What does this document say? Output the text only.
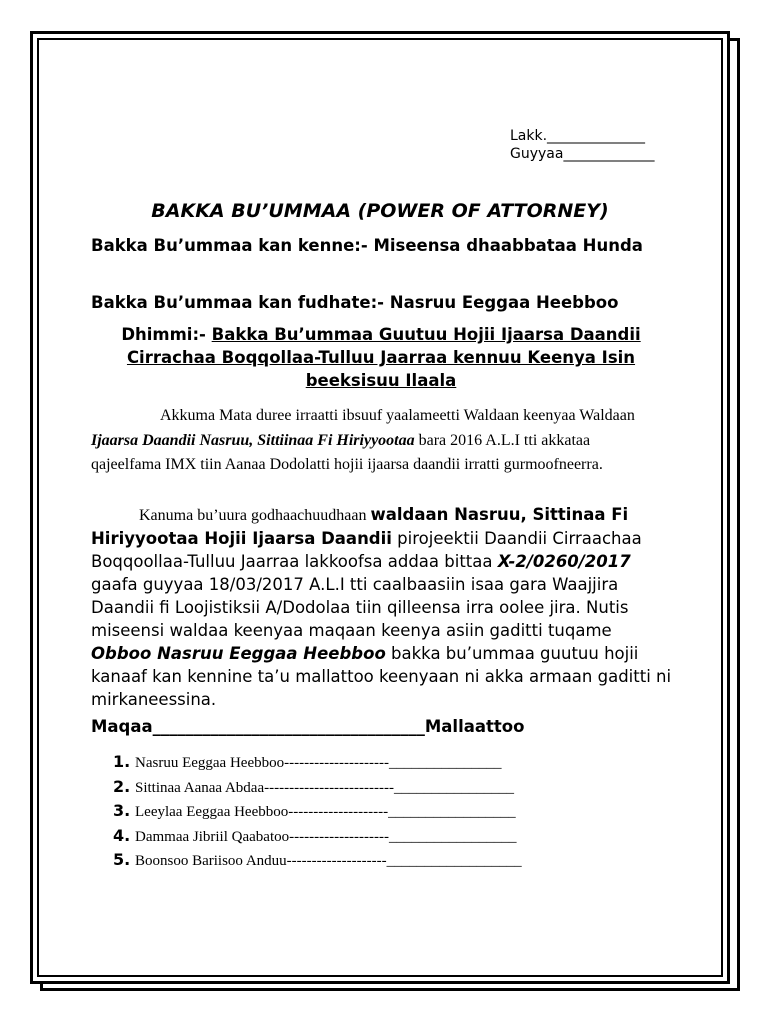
Lakk.______________
Guyyaa_____________
BAKKA BU’UMMAA (POWER OF ATTORNEY)
Bakka Bu’ummaa kan kenne:- Miseensa dhaabbataa Hunda
Bakka Bu’ummaa kan fudhate:- Nasruu Eeggaa Heebboo
Dhimmi:- Bakka Bu’ummaa Guutuu Hojii Ijaarsa Daandii Cirrachaa Boqqollaa-Tulluu Jaarraa kennuu Keenya Isin beeksisuu Ilaala
Akkuma Mata duree irraatti ibsuuf yaalameetti Waldaan keenyaa Waldaan Ijaarsa Daandii Nasruu, Sittiinaa Fi Hiriyyootaa bara 2016 A.L.I tti akkataa qajeelfama IMX tiin Aanaa Dodolatti hojii ijaarsa daandii irratti gurmoofneerra.
Kanuma bu’uura godhaachuudhaan waldaan Nasruu, Sittinaa Fi Hiriyyootaa Hojii Ijaarsa Daandii pirojeektii Daandii Cirraachaa Boqqoollaa-Tulluu Jaarraa lakkoofsa addaa bittaa X-2/0260/2017 gaafa guyyaa 18/03/2017 A.L.I tti caalbaasiin isaa gara Waajjira Daandii fi Loojistiksii A/Dodolaa tiin qilleensa irra oolee jira. Nutis miseensi waldaa keenyaa maqaan keenya asiin gaditti tuqame Obboo Nasruu Eeggaa Heebboo bakka bu’ummaa guutuu hojii kanaaf kan kennine ta’u mallattoo keenyaan ni akka armaan gaditti ni mirkaneessina.
Maqaa_________________________________Mallaattoo
1. Nasruu Eeggaa Heebboo---------------------_______________
2. Sittinaa Aanaa Abdaa--------------------------________________
3. Leeylaa Eeggaa Heebboo--------------------_________________
4. Dammaa Jibriil Qaabatoo--------------------_________________
5. Boonsoo Bariisoo Anduu--------------------__________________
